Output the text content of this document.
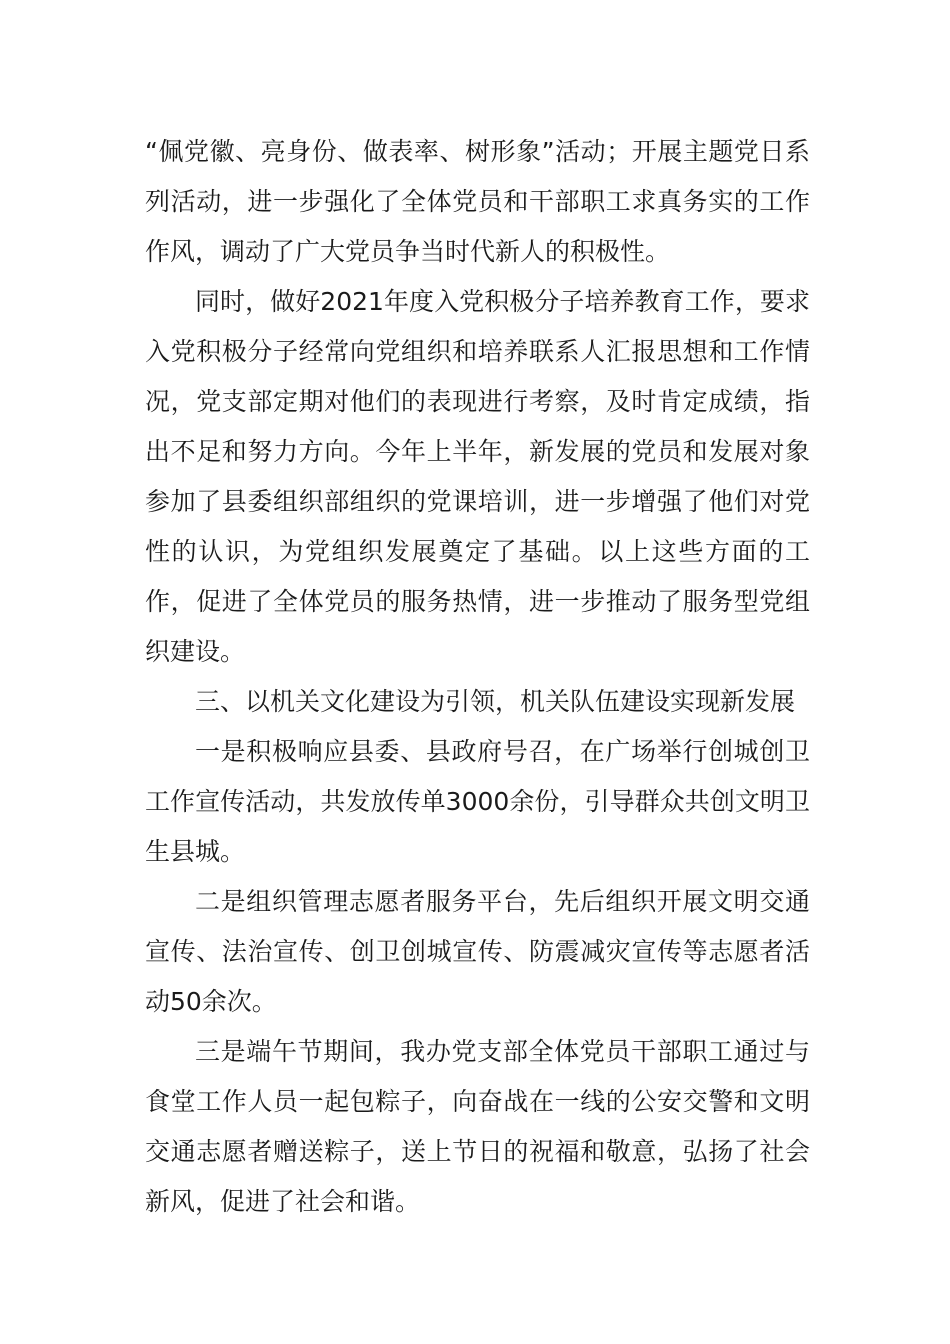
“佩党徽、亮身份、做表率、树形象”活动；开展主题党日系列活动，进一步强化了全体党员和干部职工求真务实的工作作风，调动了广大党员争当时代新人的积极性。

同时，做好2021年度入党积极分子培养教育工作，要求入党积极分子经常向党组织和培养联系人汇报思想和工作情况，党支部定期对他们的表现进行考察，及时肯定成绩，指出不足和努力方向。今年上半年，新发展的党员和发展对象参加了县委组织部组织的党课培训，进一步增强了他们对党性的认识，为党组织发展奠定了基础。以上这些方面的工作，促进了全体党员的服务热情，进一步推动了服务型党组织建设。

三、以机关文化建设为引领，机关队伍建设实现新发展

一是积极响应县委、县政府号召，在广场举行创城创卫工作宣传活动，共发放传单3000余份，引导群众共创文明卫生县城。

二是组织管理志愿者服务平台，先后组织开展文明交通宣传、法治宣传、创卫创城宣传、防震减灾宣传等志愿者活动50余次。

三是端午节期间，我办党支部全体党员干部职工通过与食堂工作人员一起包粽子，向奋战在一线的公安交警和文明交通志愿者赠送粽子，送上节日的祝福和敬意，弘扬了社会新风，促进了社会和谐。
